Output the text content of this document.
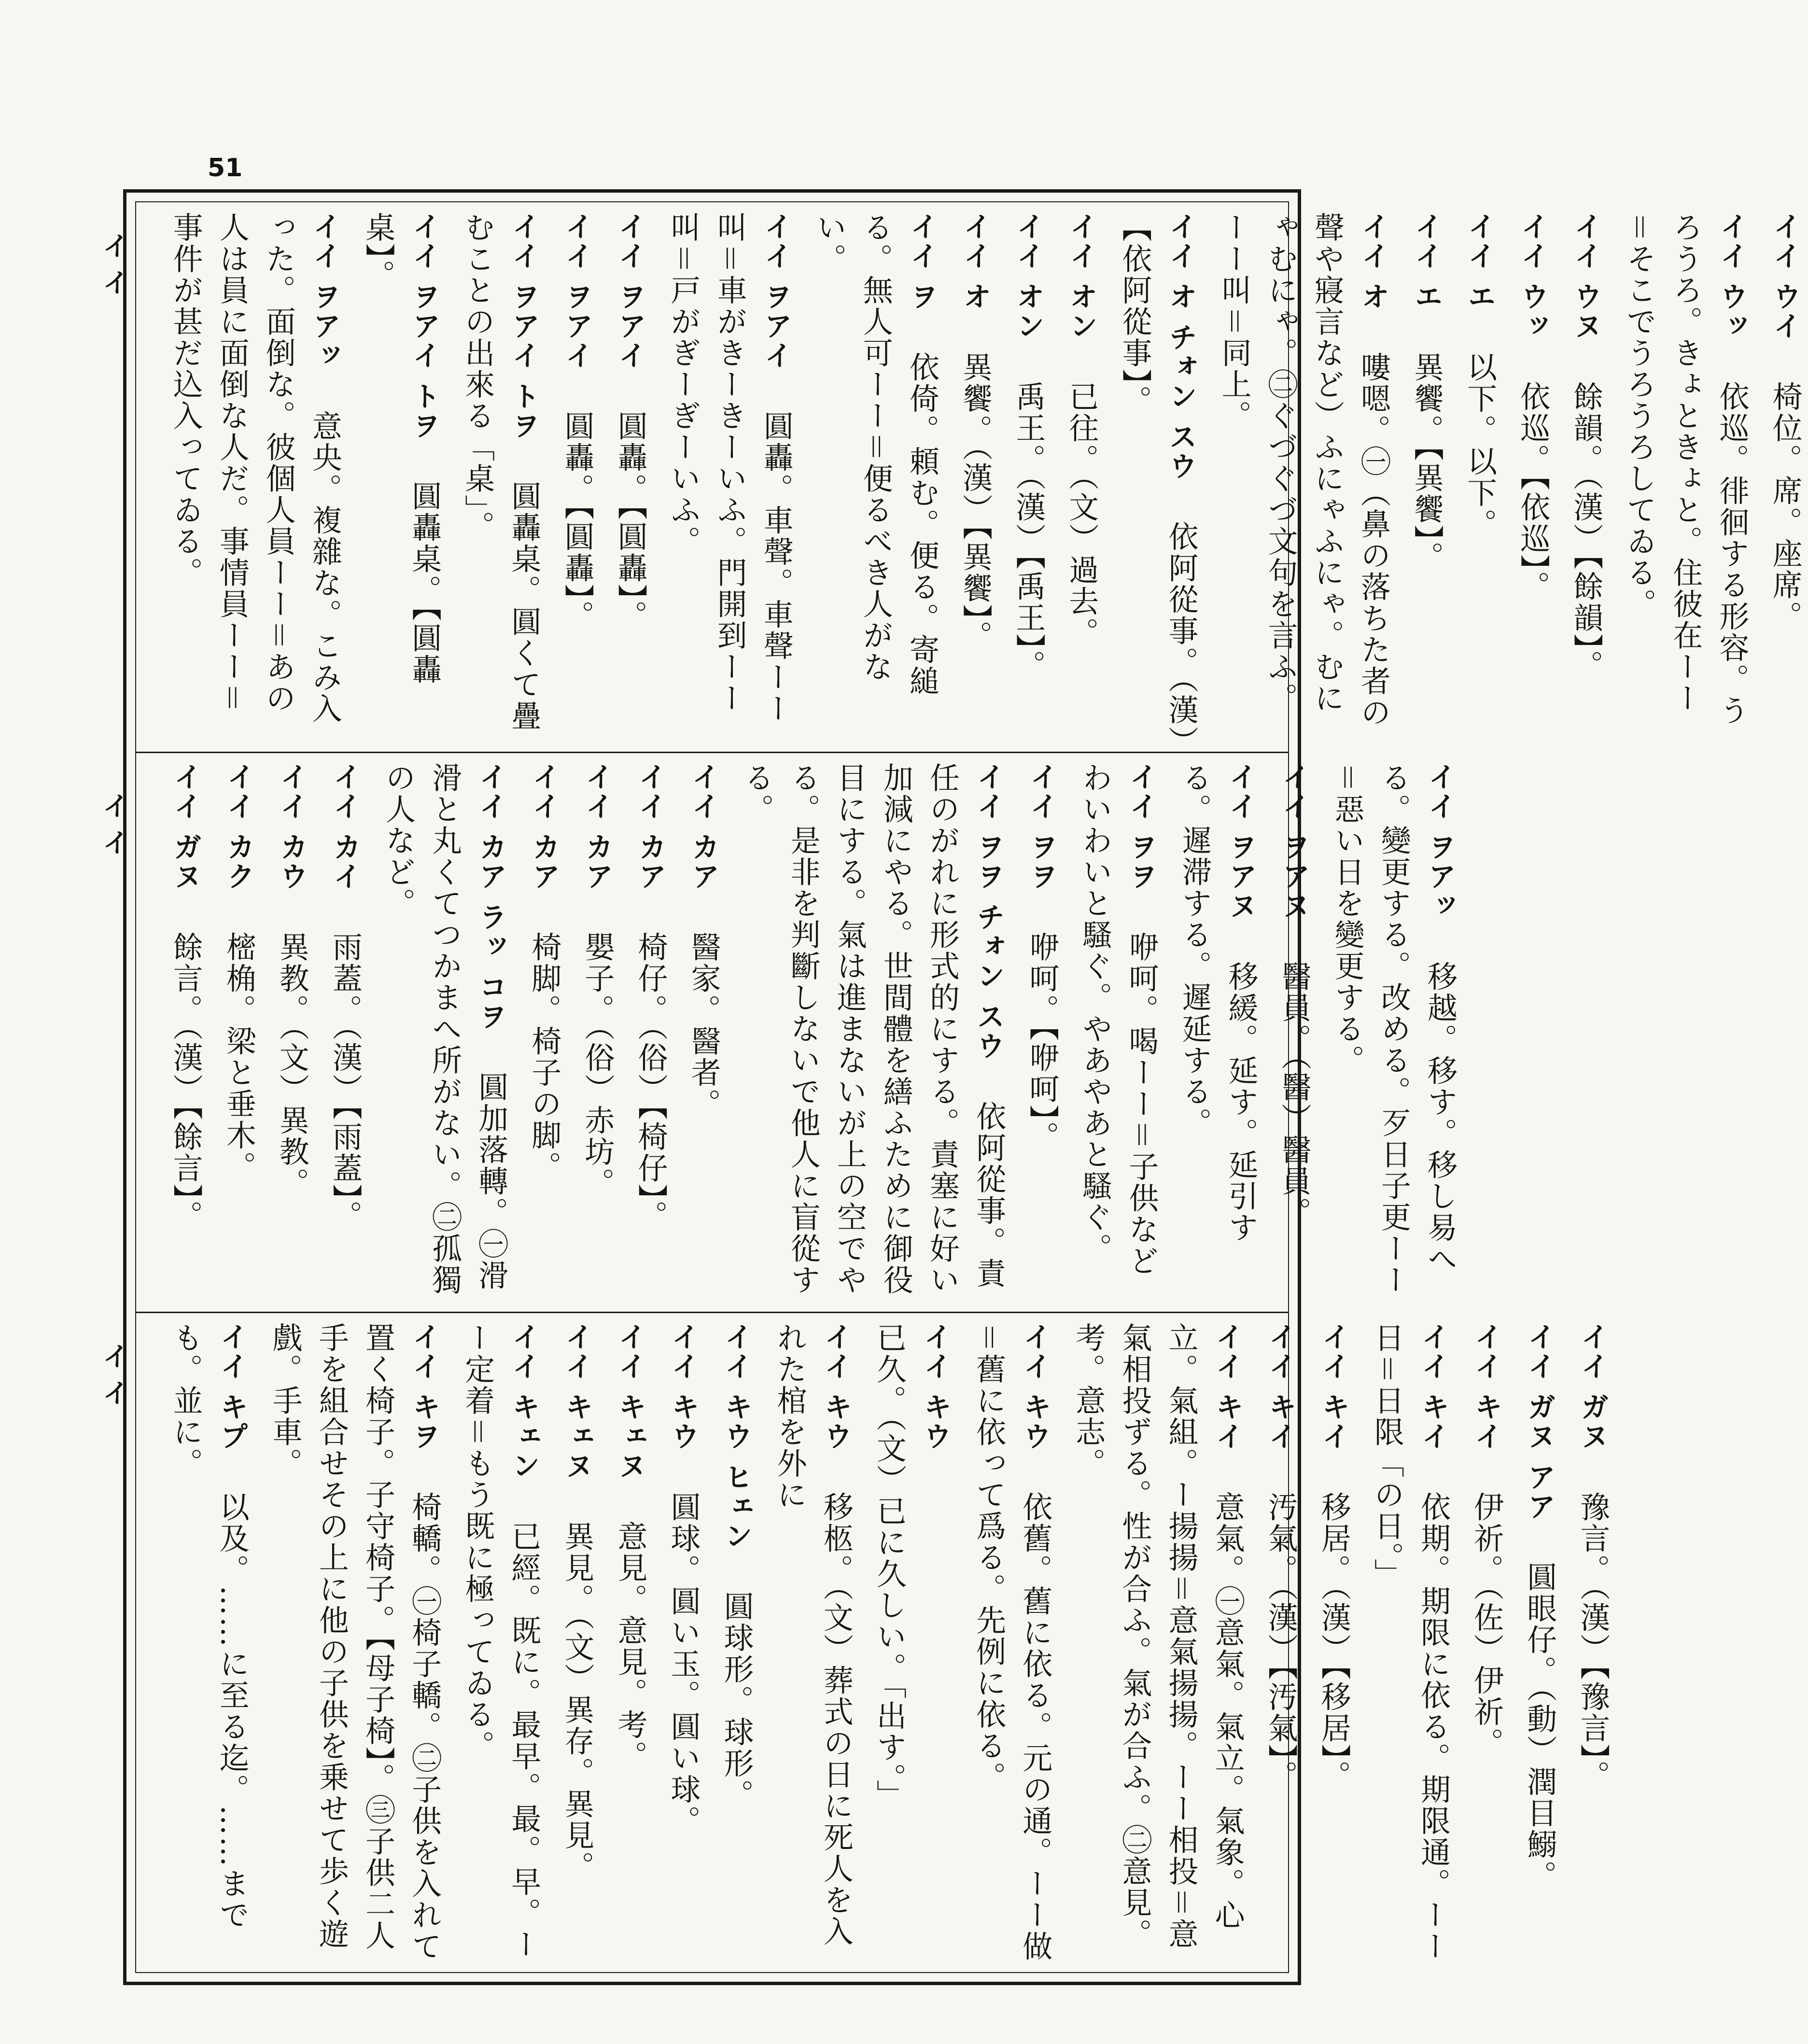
51
イイ
イイ
イイ
イイ ウイ　椅位。席。座席。
イイ ウッ　依巡。徘徊する形容。うろうろ。きょときょと。住彼在ーー＝そこでうろうろしてゐる。
イイ ウヌ　餘韻。（漢）【餘韻】。
イイ ウッ　依巡。【依巡】。
イイ エ　以下。以下。
イイ エ　異饗。【異饗】。
イイ オ　嘍嗯。㊀（鼻の落ちた者の聲や寢言など）ふにゃふにゃ。むにゃむにゃ。㊁ぐづぐづ文句を言ふ。ーー叫＝同上。
イイ オ チォン スウ　依阿從事。（漢）【依阿從事】。
イイ オン　已往。（文）過去。
イイ オン　禹王。（漢）【禹王】。
イイ オ　異饗。（漢）【異饗】。
イイ ヲ　依倚。頼む。便る。寄縋る。無人可ーー＝便るべき人がない。
イイ ヲアイ　圓轟。車聲。車聲ーー叫＝車がきーきーいふ。門開到ーー叫＝戸がぎーぎーいふ。
イイ ヲアイ　圓轟。【圓轟】。
イイ ヲアイ　圓轟。【圓轟】。
イイ ヲアイ トヲ　圓轟桌。圓くて疊むことの出來る「桌」。
イイ ヲアイ トヲ　圓轟桌。【圓轟桌】。
イイ ヲアッ　意央。複雜な。こみ入った。面倒な。彼個人員ーー＝あの人は員に面倒な人だ。事情員ーー＝事件が甚だ込入ってゐる。
イイ ヲアッ　移越。移す。移し易へる。變更する。改める。歹日子更ーー＝惡い日を變更する。
イイ ヲアヌ　醫員。（醫）醫員。
イイ ヲアヌ　移緩。延す。延引する。遲滞する。遲延する。
イイ ヲヲ　咿呵。喝ーー＝子供などわいわいと騷ぐ。やあやあと騷ぐ。
イイ ヲヲ　咿呵。【咿呵】。
イイ ヲヲ チォン スウ　依阿從事。責任のがれに形式的にする。責塞に好い加減にやる。世間體を繕ふために御役目にする。氣は進まないが上の空でやる。是非を判斷しないで他人に盲從する。
イイ カア　醫家。醫者。
イイ カア　椅仔。（俗）【椅仔】。
イイ カア　嬰子。（俗）赤坊。
イイ カア　椅脚。椅子の脚。
イイ カア ラッ コヲ　圓加落轉。㊀滑滑と丸くてつかまへ所がない。㊁孤獨の人など。
イイ カイ　雨蓋。（漢）【雨蓋】。
イイ カウ　異教。（文）異教。
イイ カク　樒桷。梁と垂木。
イイ ガヌ　餘言。（漢）【餘言】。
イイ ガヌ　豫言。（漢）【豫言】。
イイ ガヌ アア　圓眼仔。（動）潤目鰯。
イイ キイ　伊祈。（佐）伊祈。
イイ キイ　依期。期限に依る。期限通。ーー日＝日限「の日。」
イイ キイ　移居。（漢）【移居】。
イイ キイ　汚氣。（漢）【汚氣】。
イイ キイ　意氣。㊀意氣。氣立。氣象。心立。氣組。ー揚揚＝意氣揚揚。ーー相投＝意氣相投ずる。性が合ふ。氣が合ふ。㊁意見。考。意志。
イイ キウ　依舊。舊に依る。元の通。ーー做＝舊に依って爲る。先例に依る。
イイ キウ　已久。（文）已に久しい。「出す。」
イイ キウ　移柩。（文）葬式の日に死人を入れた棺を外に
イイ キウ ヒェン　圓球形。球形。
イイ キウ　圓球。圓い玉。圓い球。
イイ キェヌ　意見。意見。考。
イイ キェヌ　異見。（文）異存。異見。
イイ キェン　已經。既に。最早。最。早。ーー定着＝もう既に極ってゐる。
イイ キヲ　椅轎。㊀椅子轎。㊁子供を入れて置く椅子。子守椅子。【母子椅】。㊂子供二人手を組合せその上に他の子供を乗せて歩く遊戲。手車。
イイ キプ　以及。……に至る迄。……までも。並に。
